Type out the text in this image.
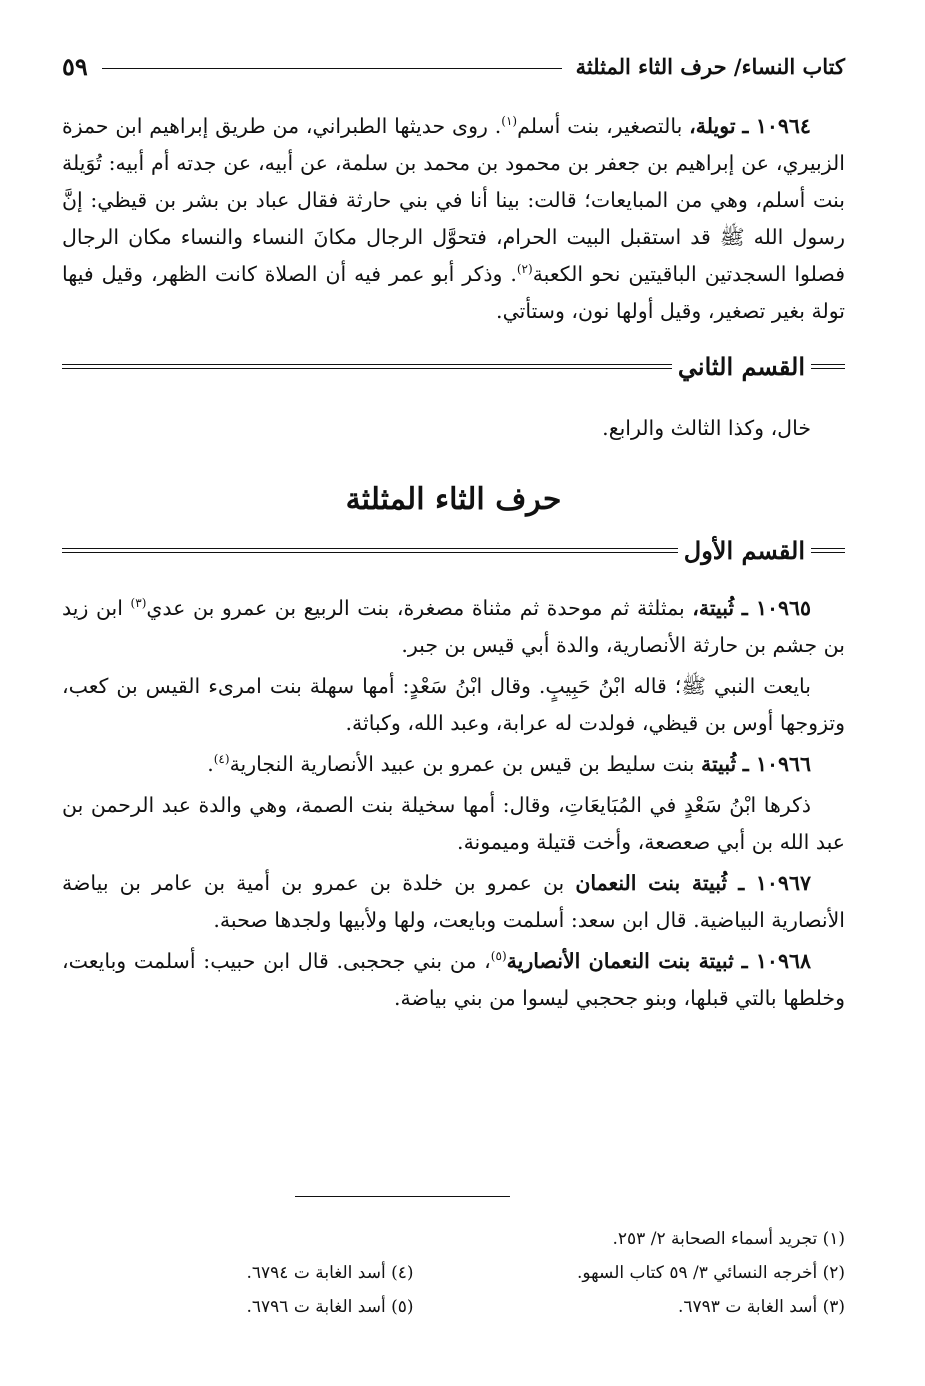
كتاب النساء/ حرف الثاء المثلثة
٥٩

١٠٩٦٤ ـ تويلة، بالتصغير، بنت أسلم$^{(١)}$. روى حديثها الطبراني، من طريق إبراهيم ابن حمزة الزبيري، عن إبراهيم بن جعفر بن محمود بن محمد بن سلمة، عن أبيه، عن جدته أم أبيه: تُوَيلة بنت أسلم، وهي من المبايعات؛ قالت: بينا أنا في بني حارثة فقال عباد بن بشر بن قيظي: إنَّ رسول الله ﷺ قد استقبل البيت الحرام، فتحوَّل الرجال مكانَ النساء والنساء مكان الرجال فصلوا السجدتين الباقيتين نحو الكعبة$^{(٢)}$. وذكر أبو عمر فيه أن الصلاة كانت الظهر، وقيل فيها تولة بغير تصغير، وقيل أولها نون، وستأتي.

القسم الثاني

خال، وكذا الثالث والرابع.

حرف الثاء المثلثة
القسم الأول

١٠٩٦٥ ـ ثُبيتة، بمثلثة ثم موحدة ثم مثناة مصغرة، بنت الربيع بن عمرو بن عدي$^{(٣)}$ ابن زيد بن جشم بن حارثة الأنصارية، والدة أبي قيس بن جبر.

بايعت النبي ﷺ؛ قاله ابْنُ حَبِيبٍ. وقال ابْنُ سَعْدٍ: أمها سهلة بنت امرىء القيس بن كعب، وتزوجها أوس بن قيظي، فولدت له عرابة، وعبد الله، وكباثة.

١٠٩٦٦ ـ ثُبيتة بنت سليط بن قيس بن عمرو بن عبيد الأنصارية النجارية$^{(٤)}$.

ذكرها ابْنُ سَعْدٍ في المُبَايعَاتِ، وقال: أمها سخيلة بنت الصمة، وهي والدة عبد الرحمن بن عبد الله بن أبي صعصعة، وأخت قتيلة وميمونة.

١٠٩٦٧ ـ ثُبيتة بنت النعمان بن عمرو بن خلدة بن عمرو بن أمية بن عامر بن بياضة الأنصارية البياضية. قال ابن سعد: أسلمت وبايعت، ولها ولأبيها ولجدها صحبة.

١٠٩٦٨ ـ ثبيتة بنت النعمان الأنصارية$^{(٥)}$، من بني جحجبى. قال ابن حبيب: أسلمت وبايعت، وخلطها بالتي قبلها، وبنو جحجبي ليسوا من بني بياضة.

(١) تجريد أسماء الصحابة ٢/ ٢٥٣.
(٢) أخرجه النسائي ٣/ ٥٩ كتاب السهو.
(٤) أسد الغابة ت ٦٧٩٤.
(٣) أسد الغابة ت ٦٧٩٣.
(٥) أسد الغابة ت ٦٧٩٦.
